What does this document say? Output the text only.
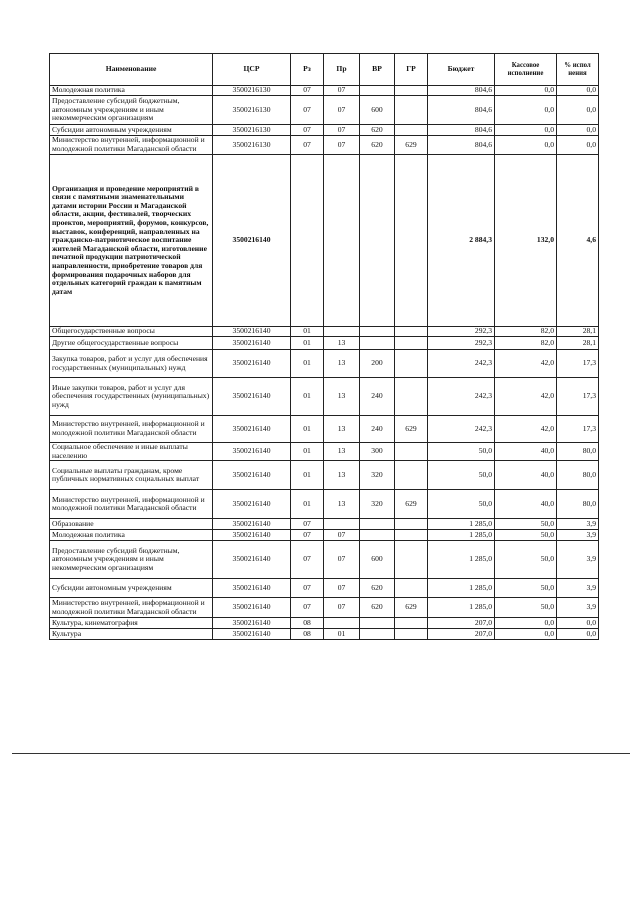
Наименование	ЦСР	Рз	Пр	ВР	ГР	Бюджет	Кассовое исполнение	% испол нения
Молодежная политика	3500216130	07	07			804,6	0,0	0,0
Предоставление субсидий бюджетным, автономным учреждениям и иным некоммерческим организациям	3500216130	07	07	600		804,6	0,0	0,0
Субсидии автономным учреждениям	3500216130	07	07	620		804,6	0,0	0,0
Министерство внутренней, информационной и молодежной политики Магаданской области	3500216130	07	07	620	629	804,6	0,0	0,0
Организация и проведение мероприятий в связи с памятными знаменательными датами истории России и Магаданской области, акции, фестивалей, творческих проектов, мероприятий, форумов, конкурсов, выставок, конференций, направленных на гражданско-патриотическое воспитание жителей Магаданской области, изготовление печатной продукции патриотической направленности, приобретение товаров для формирования подарочных наборов для отдельных категорий граждан к памятным датам	3500216140					2 884,3	132,0	4,6
Общегосударственные вопросы	3500216140	01				292,3	82,0	28,1
Другие общегосударственные вопросы	3500216140	01	13			292,3	82,0	28,1
Закупка товаров, работ и услуг для обеспечения государственных (муниципальных) нужд	3500216140	01	13	200		242,3	42,0	17,3
Иные закупки товаров, работ и услуг для обеспечения государственных (муниципальных) нужд	3500216140	01	13	240		242,3	42,0	17,3
Министерство внутренней, информационной и молодежной политики Магаданской области	3500216140	01	13	240	629	242,3	42,0	17,3
Социальное обеспечение и иные выплаты населению	3500216140	01	13	300		50,0	40,0	80,0
Социальные выплаты гражданам, кроме публичных нормативных социальных выплат	3500216140	01	13	320		50,0	40,0	80,0
Министерство внутренней, информационной и молодежной политики Магаданской области	3500216140	01	13	320	629	50,0	40,0	80,0
Образование	3500216140	07				1 285,0	50,0	3,9
Молодежная политика	3500216140	07	07			1 285,0	50,0	3,9
Предоставление субсидий бюджетным, автономным учреждениям и иным некоммерческим организациям	3500216140	07	07	600		1 285,0	50,0	3,9
Субсидии автономным учреждениям	3500216140	07	07	620		1 285,0	50,0	3,9
Министерство внутренней, информационной и молодежной политики Магаданской области	3500216140	07	07	620	629	1 285,0	50,0	3,9
Культура, кинематография	3500216140	08				207,0	0,0	0,0
Культура	3500216140	08	01			207,0	0,0	0,0
